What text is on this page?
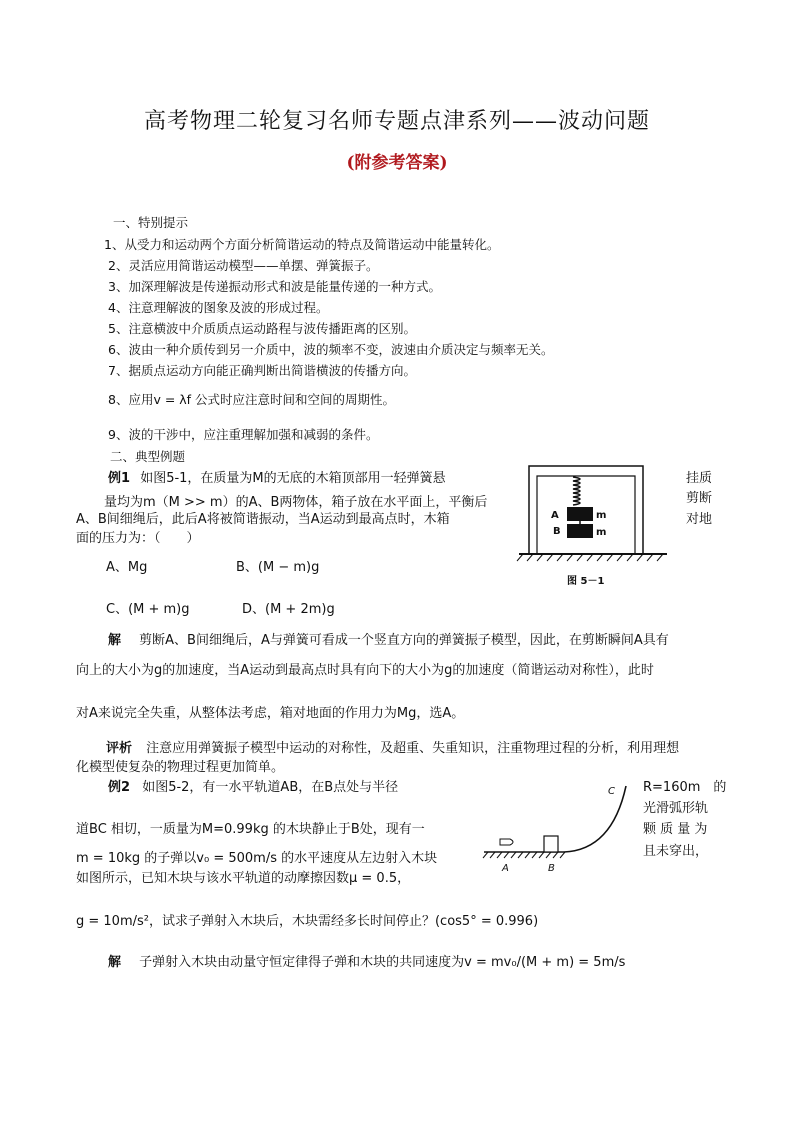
高考物理二轮复习名师专题点津系列——波动问题
(附参考答案)
一、特别提示
1、从受力和运动两个方面分析简谐运动的特点及简谐运动中能量转化。
2、灵活应用简谐运动模型——单摆、弹簧振子。
3、加深理解波是传递振动形式和波是能量传递的一种方式。
4、注意理解波的图象及波的形成过程。
5、注意横波中介质质点运动路程与波传播距离的区别。
6、波由一种介质传到另一介质中，波的频率不变，波速由介质决定与频率无关。
7、据质点运动方向能正确判断出简谐横波的传播方向。
8、应用v = λf 公式时应注意时间和空间的周期性。
9、波的干涉中，应注重理解加强和减弱的条件。
二、典型例题
例1 如图5-1，在质量为M的无底的木箱顶部用一轻弹簧悬	挂质
量均为m（M >> m）的A、B两物体，箱子放在水平面上，平衡后	剪断
A、B间细绳后，此后A将被简谐振动，当A运动到最高点时，木箱	对地
面的压力为：（　　）
A、Mg	B、(M − m)g
C、(M + m)g	D、(M + 2m)g
A
B
m
m
图 5－1
解 剪断A、B间细绳后，A与弹簧可看成一个竖直方向的弹簧振子模型，因此，在剪断瞬间A具有
向上的大小为g的加速度，当A运动到最高点时具有向下的大小为g的加速度（简谐运动对称性），此时
对A来说完全失重，从整体法考虑，箱对地面的作用力为Mg，选A。
评析 注意应用弹簧振子模型中运动的对称性，及超重、失重知识，注重物理过程的分析，利用理想
化模型使复杂的物理过程更加简单。
例2 如图5-2，有一水平轨道AB，在B点处与半径	R=160m　的
光滑弧形轨
道BC 相切，一质量为M=0.99kg 的木块静止于B处，现有一	颗 质 量 为
m = 10kg 的子弹以v₀ = 500m/s 的水平速度从左边射入木块	且未穿出，
如图所示，已知木块与该水平轨道的动摩擦因数μ = 0.5，
g = 10m/s²，试求子弹射入木块后，木块需经多长时间停止？(cos5° = 0.996)
A	B
C
解 子弹射入木块由动量守恒定律得子弹和木块的共同速度为v = mv₀/(M + m) = 5m/s
